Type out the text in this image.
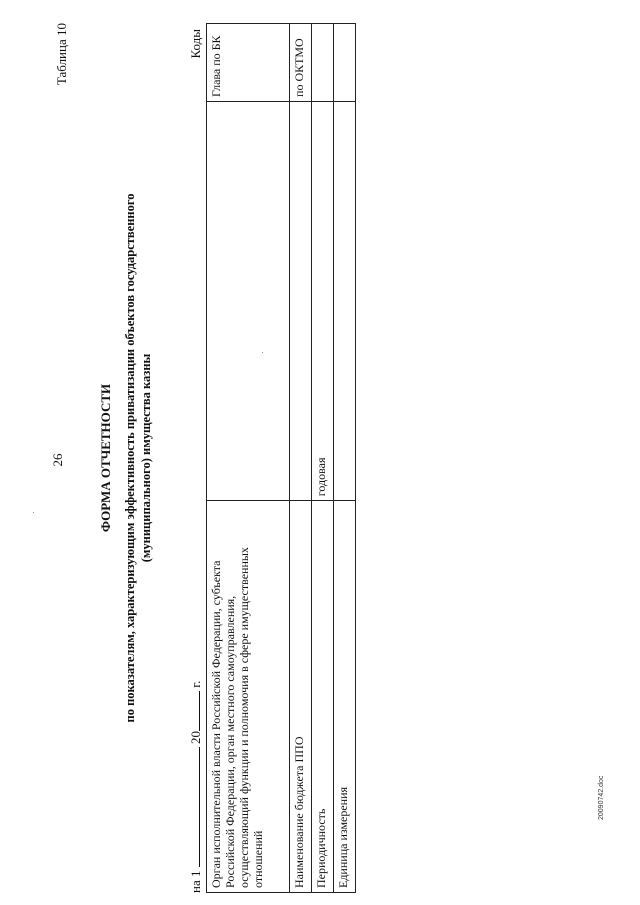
26
Таблица 10
ФОРМА ОТЧЕТНОСТИ по показателям, характеризующим эффективность приватизации объектов государственного (муниципального) имущества казны
на 1  20 г.
Коды
Орган исполнительной власти Российской Федерации, субъекта Российской Федерации, орган местного самоуправления, осуществляющий функции и полномочия в сфере имущественных отношений		Глава по БК
Наименование бюджета ППО		по ОКТМО
Периодичность	годовая	
Единица измерения			20090742.doc
